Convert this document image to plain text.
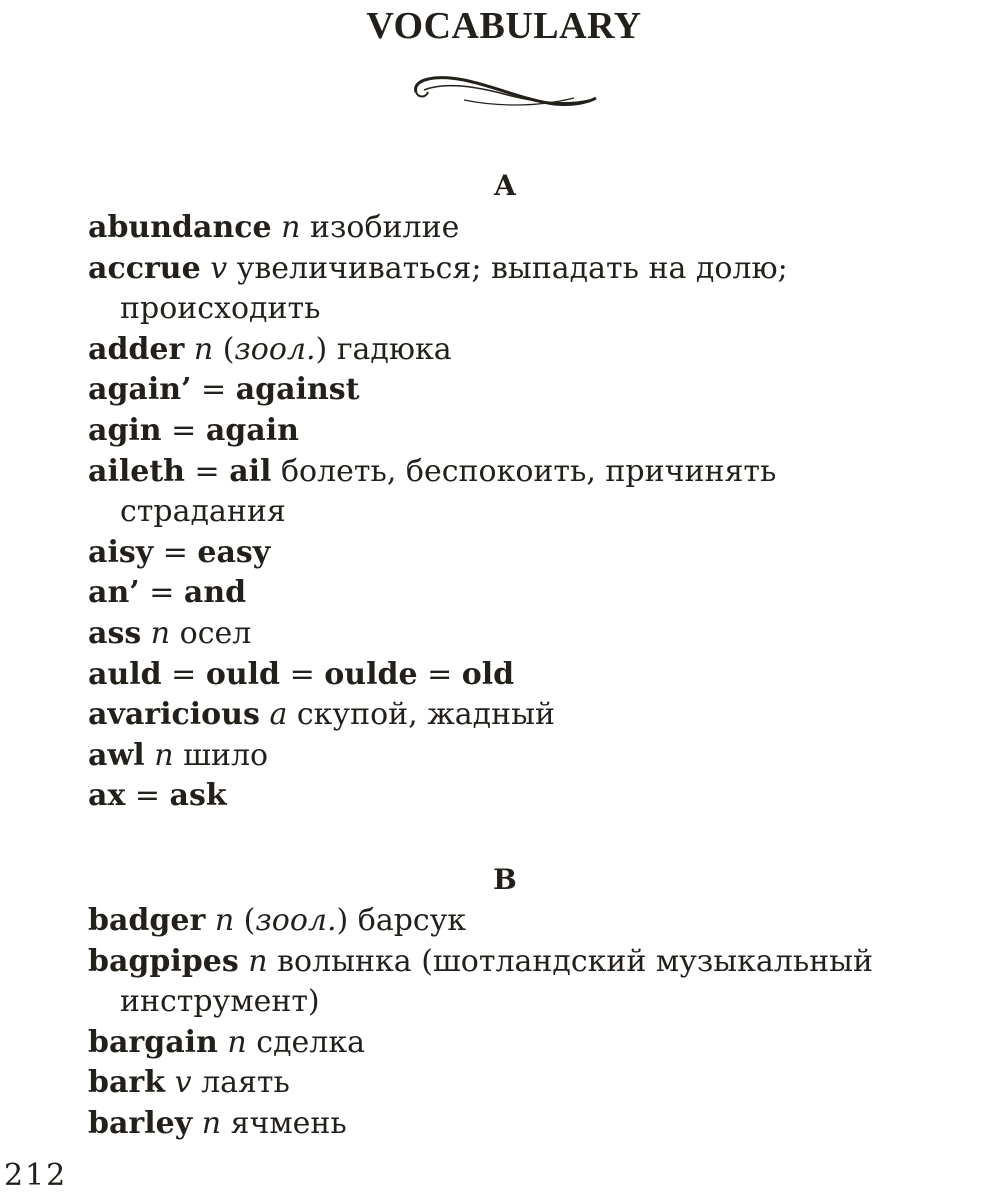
VOCABULARY
A
abundance n изобилие
accrue v увеличиваться; выпадать на долю; происходить
adder n (зоол.) гадюка
again’ = against
agin = again
aileth = ail болеть, беспокоить, причинять страдания
aisy = easy
an’ = and
ass n осел
auld = ould = oulde = old
avaricious a скупой, жадный
awl n шило
ax = ask
B
badger n (зоол.) барсук
bagpipes n волынка (шотландский музыкальный инструмент)
bargain n сделка
bark v лаять
barley n ячмень
212
